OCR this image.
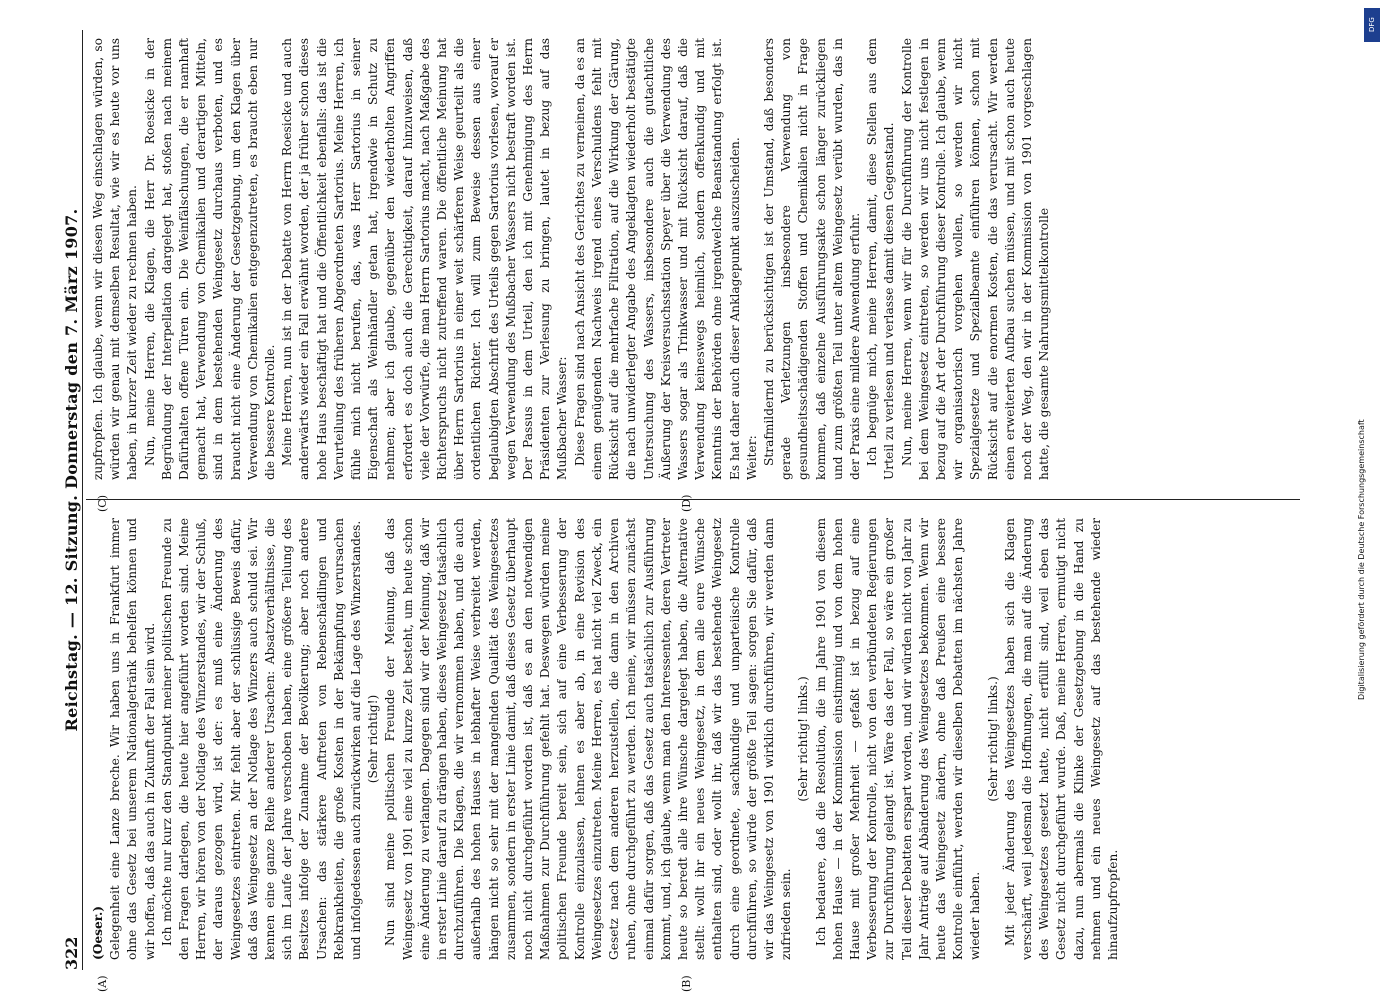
322
Reichstag. — 12. Sitzung. Donnerstag den 7. März 1907.
(A)	(B)
(C)	(D)

(Oeser.) Gelegenheit eine Lanze breche. Wir haben uns in Frankfurt immer ohne das Gesetz bei unserem Nationalgetränk behelfen können und wir hoffen, daß das auch in Zukunft der Fall sein wird. Ich möchte nur kurz den Standpunkt meiner politischen Freunde zu den Fragen darlegen, die heute hier angeführt worden sind. Meine Herren, wir hören von der Notlage des Winzerstandes, wir der Schluß, der daraus gezogen wird, ist der: es muß eine Änderung des Weingesetzes eintreten. Mir fehlt aber der schlüssige Beweis dafür, daß das Weingesetz an der Notlage des Winzers auch schuld sei. Wir kennen eine ganze Reihe anderer Ursachen: Absatzverhältnisse, die sich im Laufe der Jahre verschoben haben, eine größere Teilung des Besitzes infolge der Zunahme der Bevölkerung; aber noch andere Ursachen: das stärkere Auftreten von Rebenschädlingen und Rebkrankheiten, die große Kosten in der Bekämpfung verursachen und infolgedessen auch zurückwirken auf die Lage des Winzerstandes. (Sehr richtig!) Nun sind meine politischen Freunde der Meinung, daß das Weingesetz von 1901 eine viel zu kurze Zeit besteht, um heute schon eine Änderung zu verlangen. Dagegen sind wir der Meinung, daß wir in erster Linie darauf zu drängen haben, dieses Weingesetz tatsächlich durchzuführen. Die Klagen, die wir vernommen haben, und die auch außerhalb des hohen Hauses in lebhafter Weise verbreitet werden, hängen nicht so sehr mit der mangelnden Qualität des Weingesetzes zusammen, sondern in erster Linie damit, daß dieses Gesetz überhaupt noch nicht durchgeführt worden ist, daß es an den notwendigen Maßnahmen zur Durchführung gefehlt hat. Deswegen würden meine politischen Freunde bereit sein, sich auf eine Verbesserung der Kontrolle einzulassen, lehnen es aber ab, in eine Revision des Weingesetzes einzutreten. Meine Herren, es hat nicht viel Zweck, ein Gesetz nach dem anderen herzustellen, die dann in den Archiven ruhen, ohne durchgeführt zu werden. Ich meine, wir müssen zunächst einmal dafür sorgen, daß das Gesetz auch tatsächlich zur Ausführung kommt, und, ich glaube, wenn man den Interessenten, deren Vertreter heute so beredt alle ihre Wünsche dargelegt haben, die Alternative stellt: wollt ihr ein neues Weingesetz, in dem alle eure Wünsche enthalten sind, oder wollt ihr, daß wir das bestehende Weingesetz durch eine geordnete, sachkundige und unparteiische Kontrolle durchführen, so würde der größte Teil sagen: sorgen Sie dafür, daß wir das Weingesetz von 1901 wirklich durchführen, wir werden dann zufrieden sein.

(Sehr richtig! links.) Ich bedauere, daß die Resolution, die im Jahre 1901 von diesem hohen Hause — in der Kommission einstimmig und von dem hohen Hause mit großer Mehrheit — gefaßt ist in bezug auf eine Verbesserung der Kontrolle, nicht von den verbündeten Regierungen zur Durchführung gelangt ist. Wäre das der Fall, so wäre ein großer Teil dieser Debatten erspart worden, und wir würden nicht von Jahr zu Jahr Anträge auf Abänderung des Weingesetzes bekommen. Wenn wir heute das Weingesetz ändern, ohne daß Preußen eine bessere Kontrolle einführt, werden wir dieselben Debatten im nächsten Jahre wieder haben.

(Sehr richtig! links.) Mit jeder Änderung des Weingesetzes haben sich die Klagen verschärft, weil jedesmal die Hoffnungen, die man auf die Änderung des Weingesetzes gesetzt hatte, nicht erfüllt sind, weil eben das Gesetz nicht durchgeführt wurde. Daß, meine Herren, ermutigt nicht dazu, nun abermals die Klinke der Gesetzgebung in die Hand zu nehmen und ein neues Weingesetz auf das bestehende wieder hinaufzupfropfen.

zupfropfen. Ich glaube, wenn wir diesen Weg einschlagen würden, so würden wir genau mit demselben Resultat, wie wir es heute vor uns haben, in kurzer Zeit wieder zu rechnen haben. Nun, meine Herren, die Klagen, die Herr Dr. Roesicke in der Begründung der Interpellation dargelegt hat, stoßen nach meinem Dafürhalten offene Türen ein. Die Weinfälschungen, die er namhaft gemacht hat, Verwendung von Chemikalien und derartigen Mitteln, sind in dem bestehenden Weingesetz durchaus verboten, und es braucht nicht eine Änderung der Gesetzgebung, um den Klagen über Verwendung von Chemikalien entgegenzutreten, es braucht eben nur die bessere Kontrolle. Meine Herren, nun ist in der Debatte von Herrn Roesicke und auch anderwärts wieder ein Fall erwähnt worden, der ja früher schon dieses hohe Haus beschäftigt hat und die Öffentlichkeit ebenfalls: das ist die Verurteilung des früheren Abgeordneten Sartorius. Meine Herren, ich fühle mich nicht berufen, das, was Herr Sartorius in seiner Eigenschaft als Weinhändler getan hat, irgendwie in Schutz zu nehmen; aber ich glaube, gegenüber den wiederholten Angriffen erfordert es doch auch die Gerechtigkeit, darauf hinzuweisen, daß viele der Vorwürfe, die man Herrn Sartorius macht, nach Maßgabe des Richterspruchs nicht zutreffend waren. Die öffentliche Meinung hat über Herrn Sartorius in einer weit schärferen Weise geurteilt als die ordentlichen Richter. Ich will zum Beweise dessen aus einer beglaubigten Abschrift des Urteils gegen Sartorius vorlesen, worauf er wegen Verwendung des Mußbacher Wassers nicht bestraft worden ist. Der Passus in dem Urteil, den ich mit Genehmigung des Herrn Präsidenten zur Verlesung zu bringen, lautet in bezug auf das Mußbacher Wasser: Diese Fragen sind nach Ansicht des Gerichtes zu verneinen, da es an einem genügenden Nachweis irgend eines Verschuldens fehlt mit Rücksicht auf die mehrfache Filtration, auf die Wirkung der Gärung, die nach unwiderlegter Angabe des Angeklagten wiederholt bestätigte Untersuchung des Wassers, insbesondere auch die gutachtliche Äußerung der Kreisversuchsstation Speyer über die Verwendung des Wassers sogar als Trinkwasser und mit Rücksicht darauf, daß die Verwendung keineswegs heimlich, sondern offenkundig und mit Kenntnis der Behörden ohne irgendwelche Beanstandung erfolgt ist. Es hat daher auch dieser Anklagepunkt auszuscheiden. Weiter: Strafmildernd zu berücksichtigen ist der Umstand, daß besonders gerade Verletzungen insbesondere Verwendung von gesundheitsschädigenden Stoffen und Chemikalien nicht in Frage kommen, daß einzelne Ausführungsakte schon länger zurückliegen und zum größten Teil unter altem Weingesetz verübt wurden, das in der Praxis eine mildere Anwendung erfuhr. Ich begnüge mich, meine Herren, damit, diese Stellen aus dem Urteil zu verlesen und verlasse damit diesen Gegenstand. Nun, meine Herren, wenn wir für die Durchführung der Kontrolle bei dem Weingesetz eintreten, so werden wir uns nicht festlegen in bezug auf die Art der Durchführung dieser Kontrolle. Ich glaube, wenn wir organisatorisch vorgehen wollen, so werden wir nicht Spezialgesetze und Spezialbeamte einführen können, schon mit Rücksicht auf die enormen Kosten, die das verursacht. Wir werden einen erweiterten Aufbau suchen müssen, und mit schon auch heute noch der Weg, den wir in der Kommission von 1901 vorgeschlagen hatte, die gesamte Nahrungsmittelkontrolle

Digitalisierung gefördert durch die Deutsche Forschungsgemeinschaft
DFG
